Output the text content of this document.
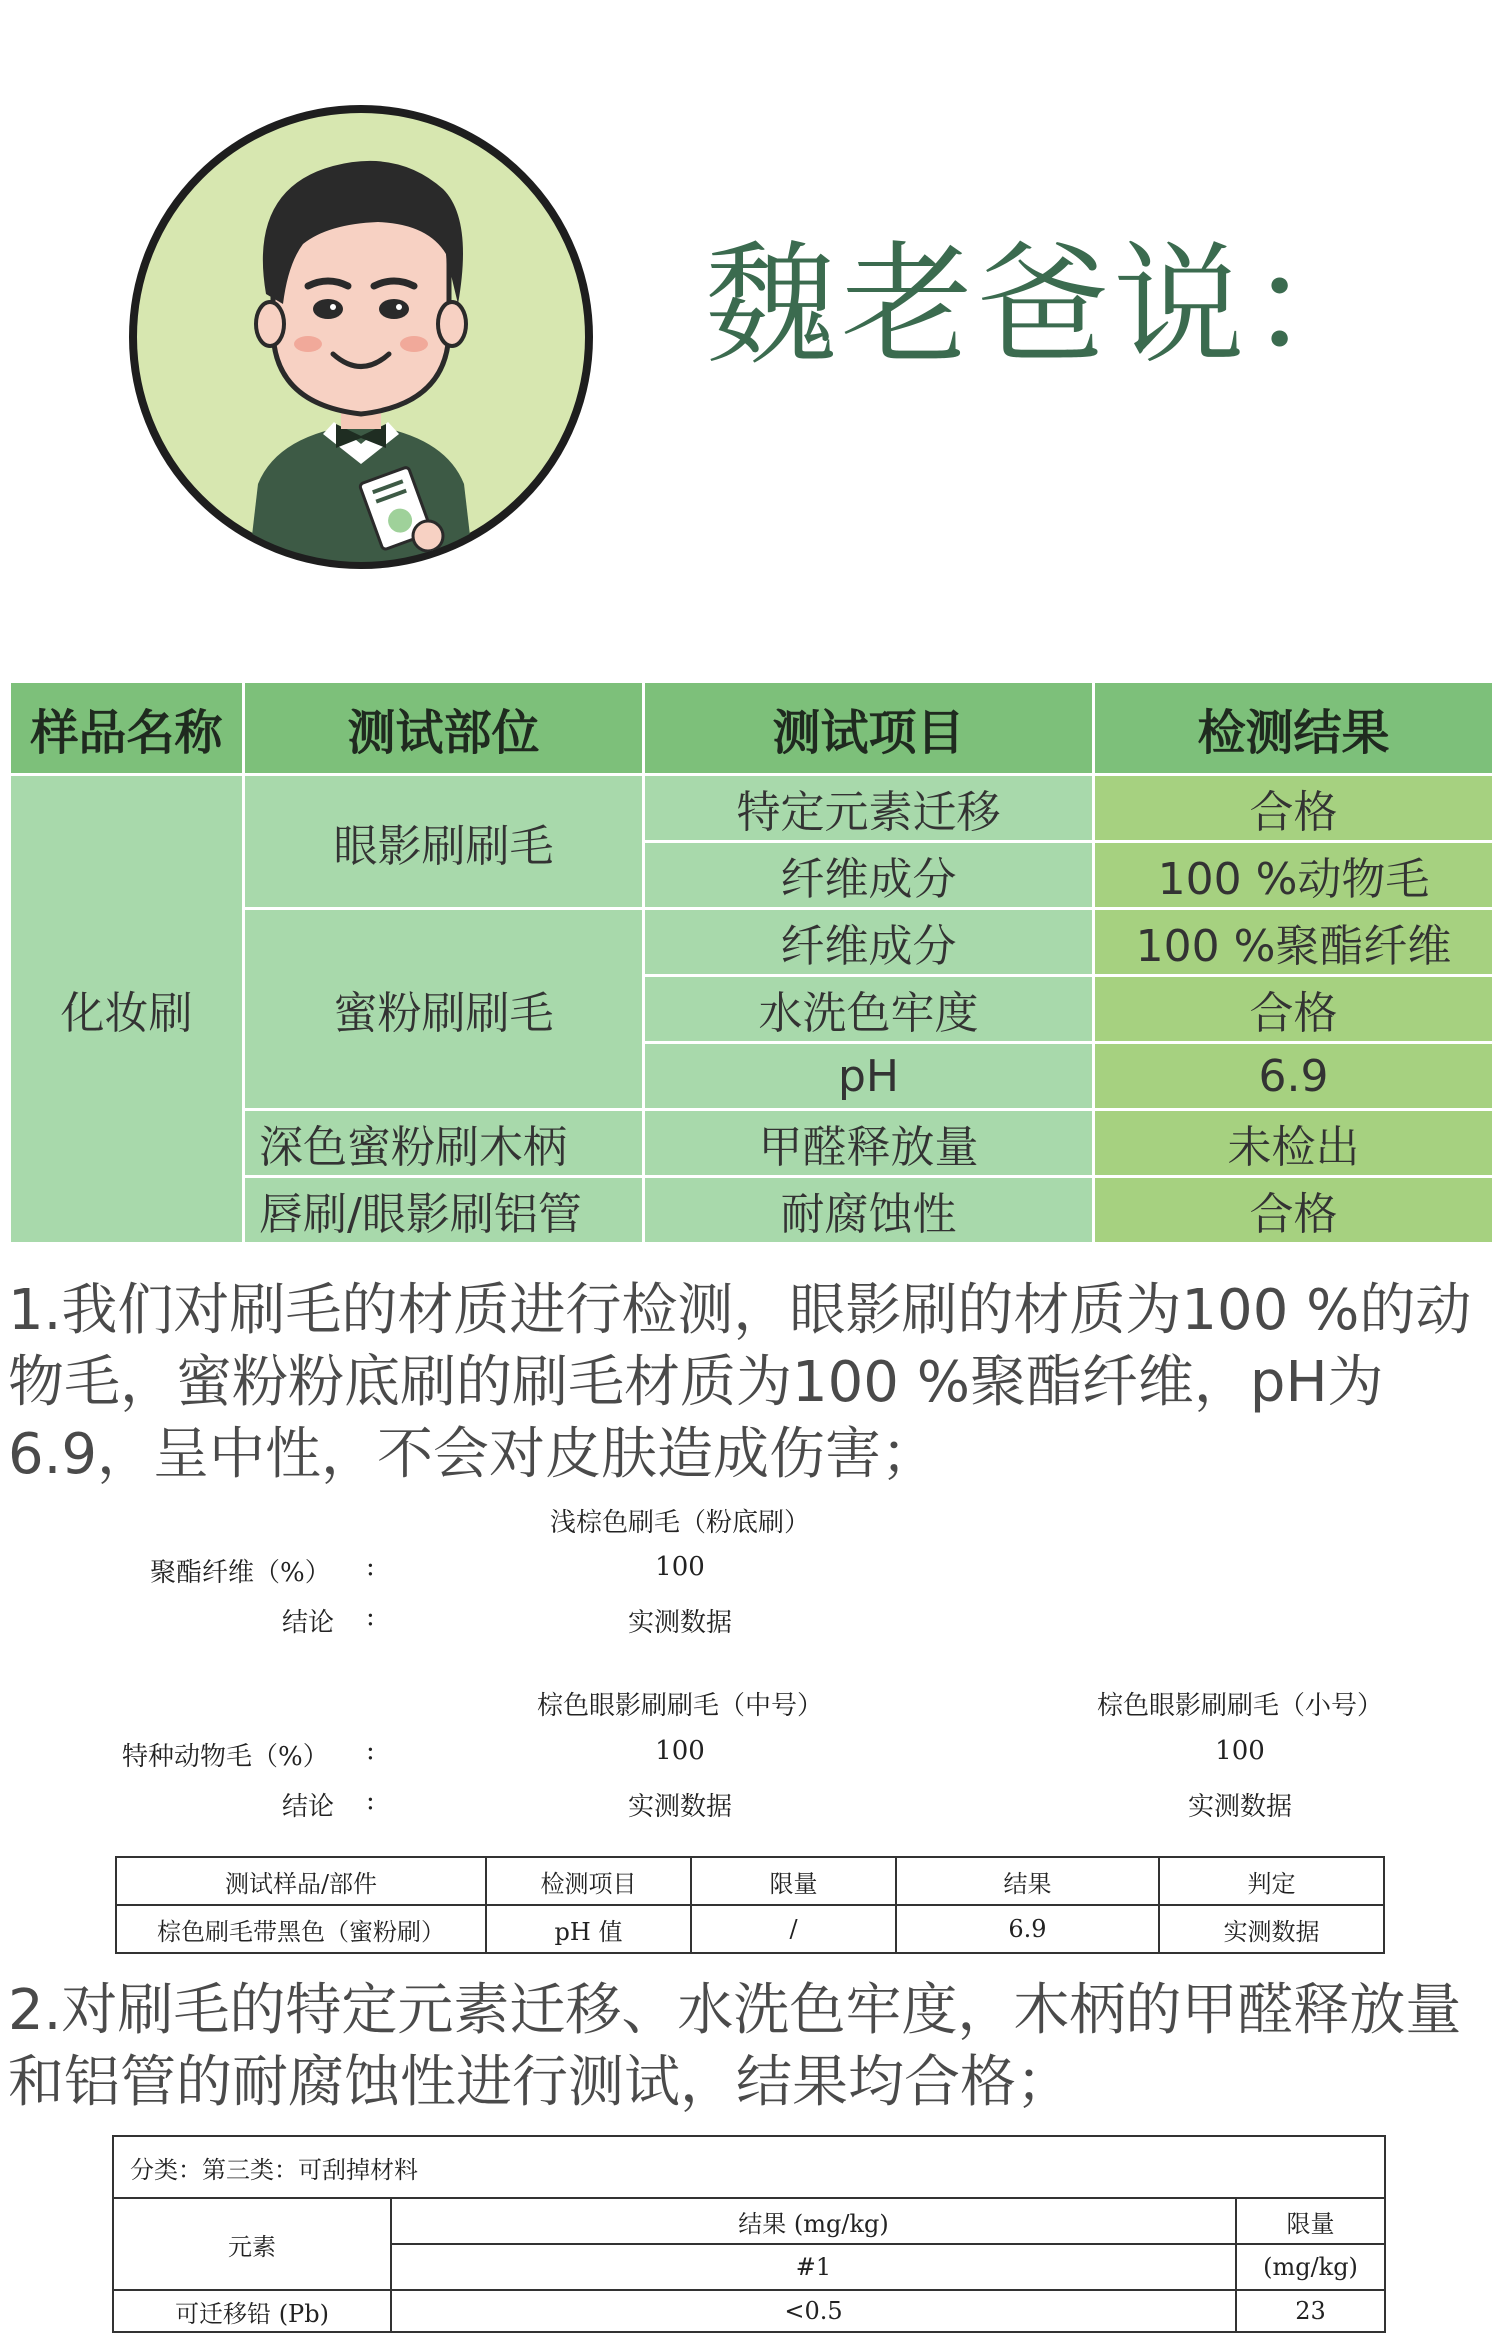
魏老爸说：
样品名称	测试部位	测试项目	检测结果
化妆刷	眼影刷刷毛	特定元素迁移	合格
		纤维成分	100 %动物毛
	蜜粉刷刷毛	纤维成分	100 %聚酯纤维
		水洗色牢度	合格
		pH	6.9
	深色蜜粉刷木柄	甲醛释放量	未检出
	唇刷/眼影刷铝管	耐腐蚀性	合格
1.我们对刷毛的材质进行检测，眼影刷的材质为100 %的动物毛，蜜粉粉底刷的刷毛材质为100 %聚酯纤维，pH为6.9，呈中性，不会对皮肤造成伤害；
浅棕色刷毛（粉底刷）
聚酯纤维（%） :	100
结论 :	实测数据
棕色眼影刷刷毛（中号）	棕色眼影刷刷毛（小号）
特种动物毛（%） :	100	100
结论 :	实测数据	实测数据
测试样品/部件	检测项目	限量	结果	判定
棕色刷毛带黑色（蜜粉刷）	pH 值	/	6.9	实测数据
2.对刷毛的特定元素迁移、水洗色牢度，木柄的甲醛释放量和铝管的耐腐蚀性进行测试，结果均合格；
分类：第三类：可刮掉材料		
元素	结果 (mg/kg)	限量
	#1	(mg/kg)
可迁移铅 (Pb)	<0.5	23
